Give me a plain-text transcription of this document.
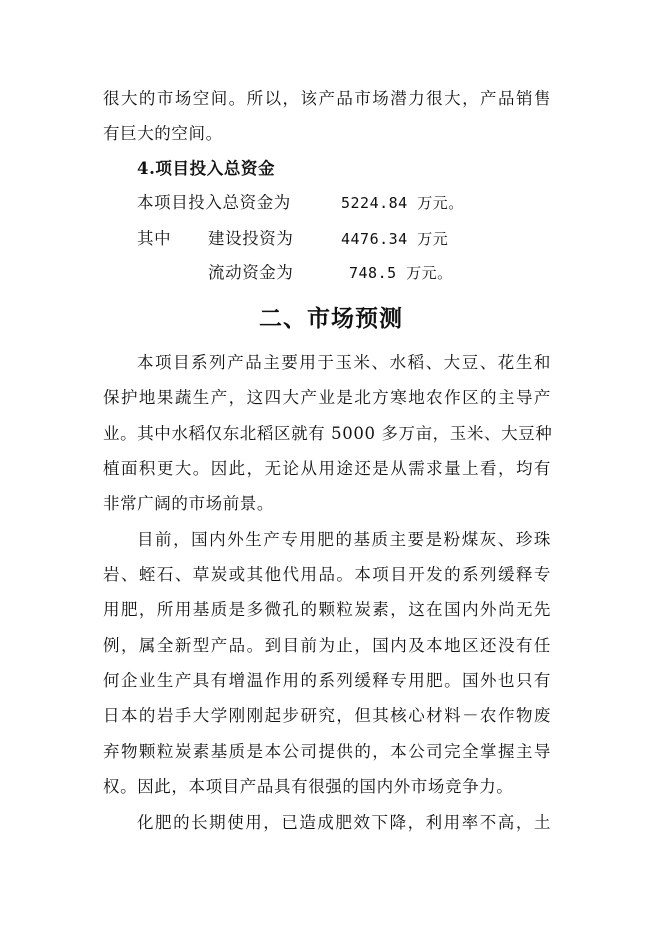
很大的市场空间。所以，该产品市场潜力很大，产品销售
有巨大的空间。
4.项目投入总资金
本项目投入总资金为	5224.84 万元。
其中 建设投资为	4476.34 万元
流动资金为	748.5 万元。
二、市场预测
本项目系列产品主要用于玉米、水稻、大豆、花生和
保护地果蔬生产，这四大产业是北方寒地农作区的主导产
业。其中水稻仅东北稻区就有 5000 多万亩，玉米、大豆种
植面积更大。因此，无论从用途还是从需求量上看，均有
非常广阔的市场前景。
目前，国内外生产专用肥的基质主要是粉煤灰、珍珠
岩、蛭石、草炭或其他代用品。本项目开发的系列缓释专
用肥，所用基质是多微孔的颗粒炭素，这在国内外尚无先
例，属全新型产品。到目前为止，国内及本地区还没有任
何企业生产具有增温作用的系列缓释专用肥。国外也只有
日本的岩手大学刚刚起步研究，但其核心材料－农作物废
弃物颗粒炭素基质是本公司提供的，本公司完全掌握主导
权。因此，本项目产品具有很强的国内外市场竞争力。
化肥的长期使用，已造成肥效下降，利用率不高，土
